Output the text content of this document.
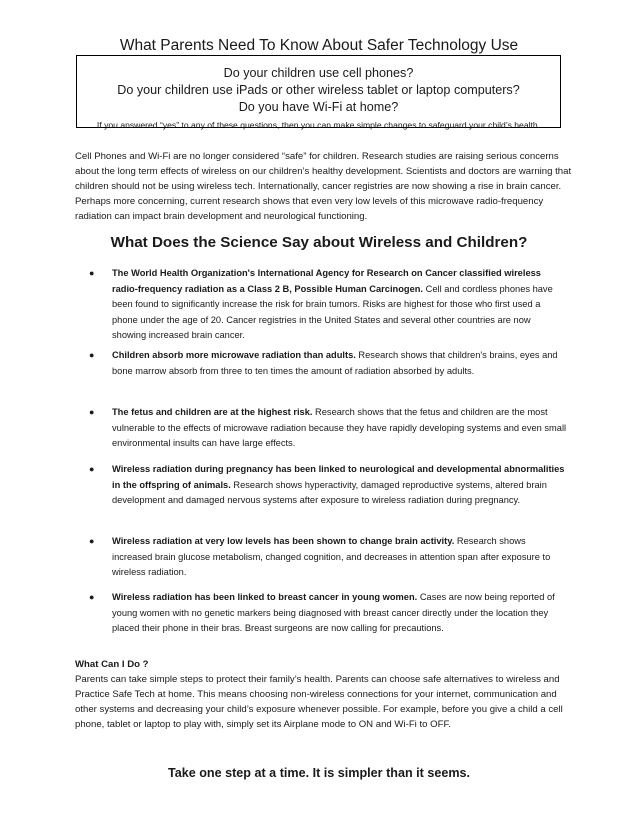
What Parents Need To Know About Safer Technology Use
Do your children use cell phones?
Do your children use iPads or other wireless tablet or laptop computers?
Do you have Wi-Fi at home?
If you answered “yes” to any of these questions, then you can make simple changes to safeguard your child’s health.

Cell Phones and Wi-Fi are no longer considered “safe” for children. Research studies are raising serious concerns about the long term effects of wireless on our children’s healthy development. Scientists and doctors are warning that children should not be using wireless tech. Internationally, cancer registries are now showing a rise in brain cancer. Perhaps more concerning, current research shows that even very low levels of this microwave radio-frequency radiation can impact brain development and neurological functioning.

What Does the Science Say about Wireless and Children?
● The World Health Organization's International Agency for Research on Cancer classified wireless radio-frequency radiation as a Class 2 B, Possible Human Carcinogen. Cell and cordless phones have been found to significantly increase the risk for brain tumors. Risks are highest for those who first used a phone under the age of 20. Cancer registries in the United States and several other countries are now showing increased brain cancer.

● Children absorb more microwave radiation than adults. Research shows that children's brains, eyes and bone marrow absorb from three to ten times the amount of radiation absorbed by adults.

● The fetus and children are at the highest risk. Research shows that the fetus and children are the most vulnerable to the effects of microwave radiation because they have rapidly developing systems and even small environmental insults can have large effects.

● Wireless radiation during pregnancy has been linked to neurological and developmental abnormalities in the offspring of animals. Research shows hyperactivity, damaged reproductive systems, altered brain development and damaged nervous systems after exposure to wireless radiation during pregnancy.

● Wireless radiation at very low levels has been shown to change brain activity. Research shows increased brain glucose metabolism, changed cognition, and decreases in attention span after exposure to wireless radiation.

● Wireless radiation has been linked to breast cancer in young women. Cases are now being reported of young women with no genetic markers being diagnosed with breast cancer directly under the location they placed their phone in their bras. Breast surgeons are now calling for precautions.

What Can I Do ?

Parents can take simple steps to protect their family’s health. Parents can choose safe alternatives to wireless and Practice Safe Tech at home. This means choosing non-wireless connections for your internet, communication and other systems and decreasing your child’s exposure whenever possible. For example, before you give a child a cell phone, tablet or laptop to play with, simply set its Airplane mode to ON and Wi-Fi to OFF.

Take one step at a time. It is simpler than it seems.
